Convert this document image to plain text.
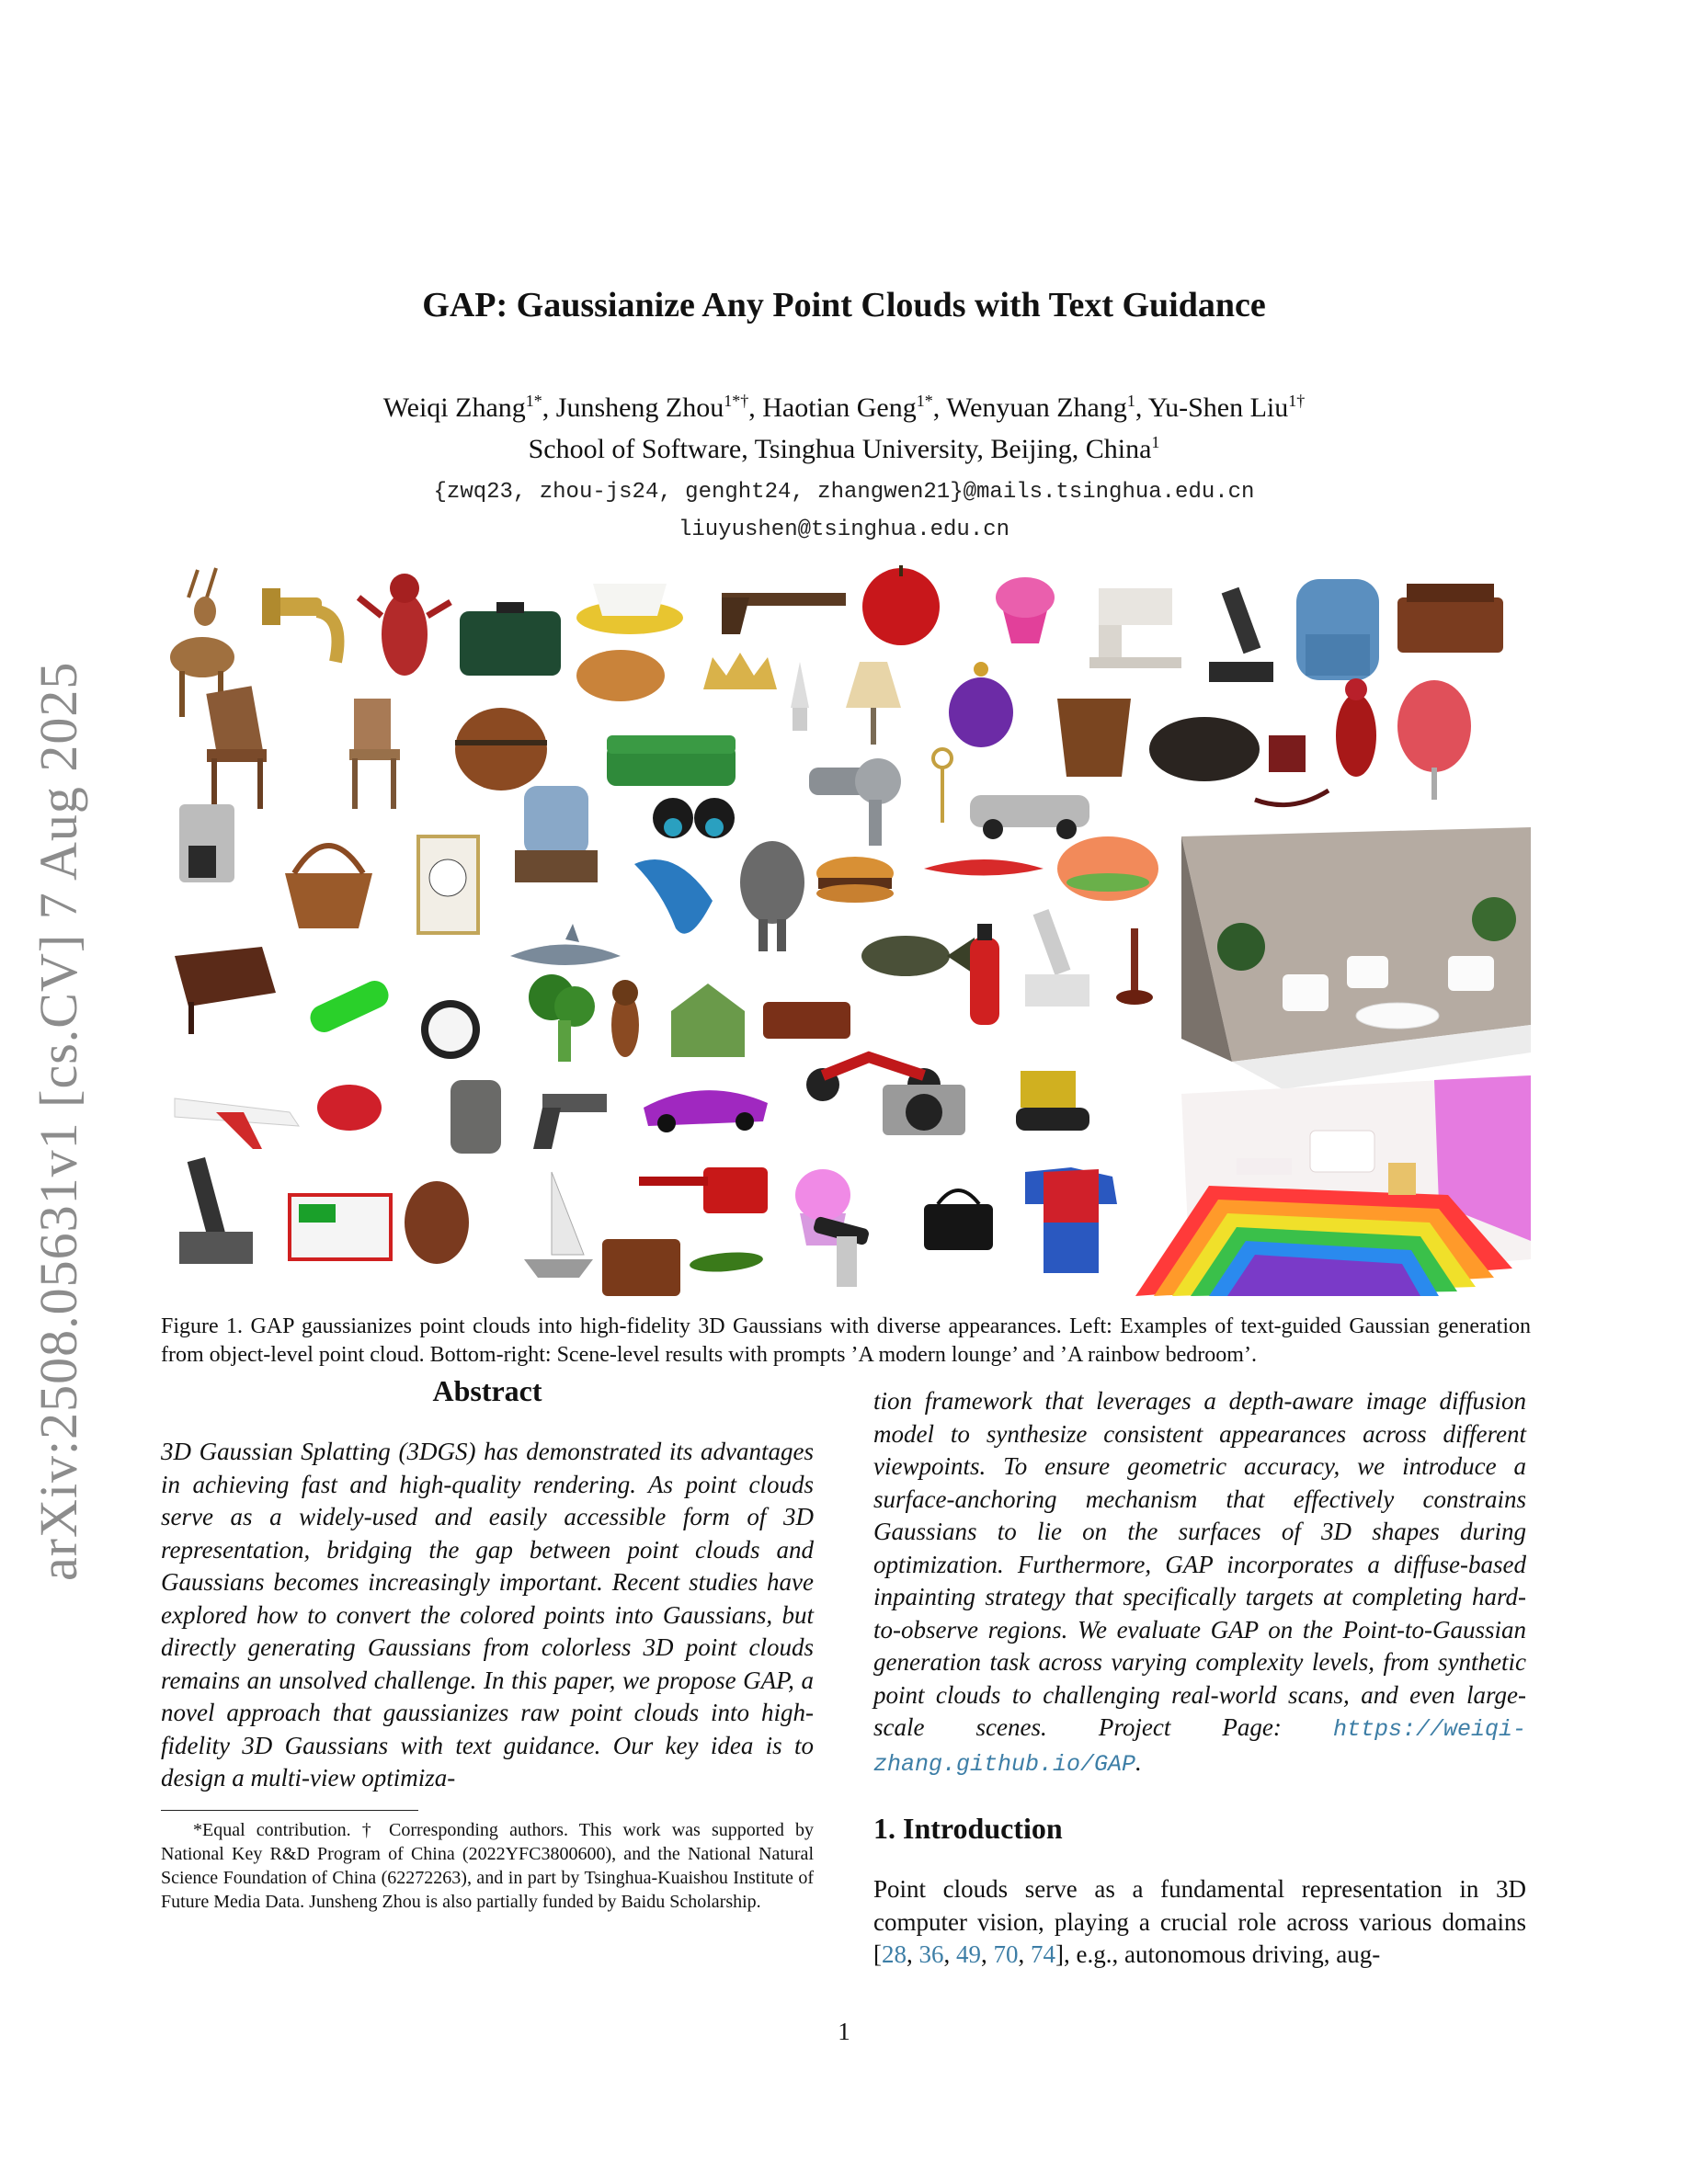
arXiv:2508.05631v1 [cs.CV] 7 Aug 2025
GAP: Gaussianize Any Point Clouds with Text Guidance
Weiqi Zhang$^{1*}$, Junsheng Zhou$^{1*\dagger}$, Haotian Geng$^{1*}$, Wenyuan Zhang$^1$, Yu-Shen Liu$^{1\dagger}$
School of Software, Tsinghua University, Beijing, China$^1$
{zwq23, zhou-js24, genght24, zhangwen21}@mails.tsinghua.edu.cn
liuyushen@tsinghua.edu.cn
Figure 1. GAP gaussianizes point clouds into high-fidelity 3D Gaussians with diverse appearances. Left: Examples of text-guided Gaussian generation from object-level point cloud. Bottom-right: Scene-level results with prompts ’A modern lounge’ and ’A rainbow bedroom’.
Abstract

3D Gaussian Splatting (3DGS) has demonstrated its advantages in achieving fast and high-quality rendering. As point clouds serve as a widely-used and easily accessible form of 3D representation, bridging the gap between point clouds and Gaussians becomes increasingly important. Recent studies have explored how to convert the colored points into Gaussians, but directly generating Gaussians from colorless 3D point clouds remains an unsolved challenge. In this paper, we propose GAP, a novel approach that gaussianizes raw point clouds into high-fidelity 3D Gaussians with text guidance. Our key idea is to design a multi-view optimiza-

*Equal contribution. † Corresponding authors. This work was supported by National Key R&D Program of China (2022YFC3800600), and the National Natural Science Foundation of China (62272263), and in part by Tsinghua-Kuaishou Institute of Future Media Data. Junsheng Zhou is also partially funded by Baidu Scholarship.

tion framework that leverages a depth-aware image diffusion model to synthesize consistent appearances across different viewpoints. To ensure geometric accuracy, we introduce a surface-anchoring mechanism that effectively constrains Gaussians to lie on the surfaces of 3D shapes during optimization. Furthermore, GAP incorporates a diffuse-based inpainting strategy that specifically targets at completing hard-to-observe regions. We evaluate GAP on the Point-to-Gaussian generation task across varying complexity levels, from synthetic point clouds to challenging real-world scans, and even large-scale scenes. Project Page: https://weiqi-zhang.github.io/GAP.

1. Introduction

Point clouds serve as a fundamental representation in 3D computer vision, playing a crucial role across various domains [28, 36, 49, 70, 74], e.g., autonomous driving, aug-

1
